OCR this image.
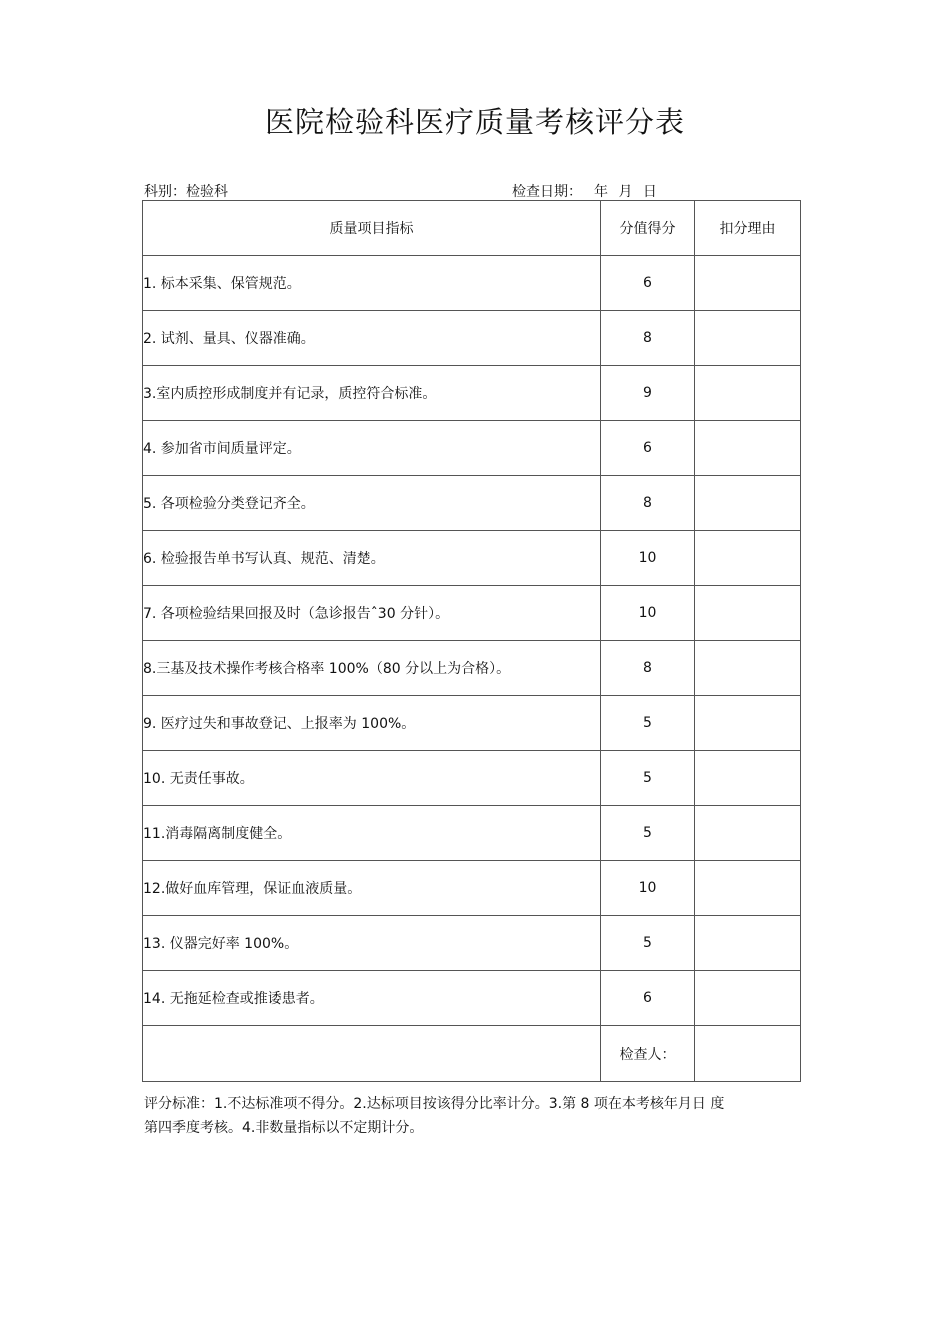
医院检验科医疗质量考核评分表
科别：检验科	检查日期： 年 月 日
质量项目指标	分值得分	扣分理由
1. 标本采集、保管规范。	6	
2. 试剂、量具、仪器准确。	8	
3.室内质控形成制度并有记录，质控符合标准。	9	
4. 参加省市间质量评定。	6	
5. 各项检验分类登记齐全。	8	
6. 检验报告单书写认真、规范、清楚。	10	
7. 各项检验结果回报及时（急诊报告ˆ30 分针）。	10	
8.三基及技术操作考核合格率 100%（80 分以上为合格）。	8	
9. 医疗过失和事故登记、上报率为 100%。	5	
10. 无责任事故。	5	
11.消毒隔离制度健全。	5	
12.做好血库管理，保证血液质量。	10	
13. 仪器完好率 100%。	5	
14. 无拖延检查或推诿患者。	6	
	检查人：	
评分标准：1.不达标准项不得分。2.达标项目按该得分比率计分。3.第 8 项在本考核年月日 度
第四季度考核。4.非数量指标以不定期计分。
